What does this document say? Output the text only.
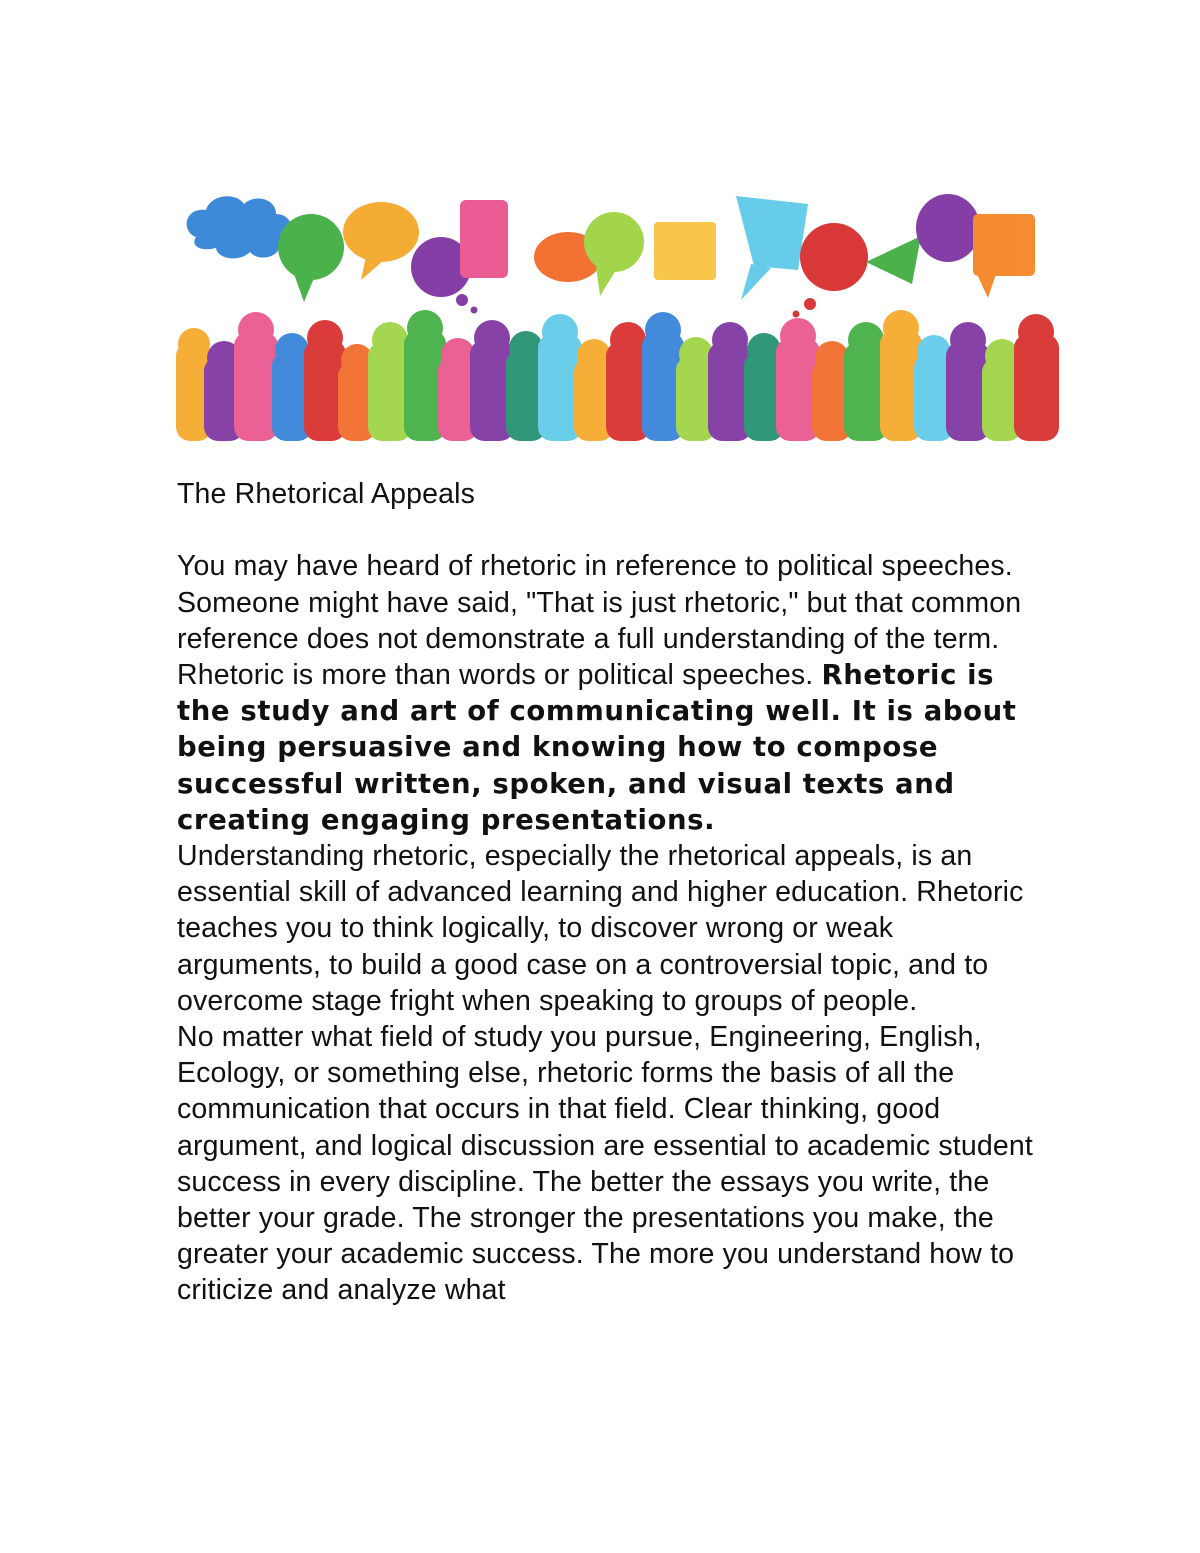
The Rhetorical Appeals

You may have heard of rhetoric in reference to political speeches. Someone might have said, "That is just rhetoric," but that common reference does not demonstrate a full understanding of the term. Rhetoric is more than words or political speeches. Rhetoric is the study and art of communicating well. It is about being persuasive and knowing how to compose successful written, spoken, and visual texts and creating engaging presentations.

Understanding rhetoric, especially the rhetorical appeals, is an essential skill of advanced learning and higher education. Rhetoric teaches you to think logically, to discover wrong or weak arguments, to build a good case on a controversial topic, and to overcome stage fright when speaking to groups of people.

No matter what field of study you pursue, Engineering, English, Ecology, or something else, rhetoric forms the basis of all the communication that occurs in that field. Clear thinking, good argument, and logical discussion are essential to academic student success in every discipline. The better the essays you write, the better your grade. The stronger the presentations you make, the greater your academic success. The more you understand how to criticize and analyze what
